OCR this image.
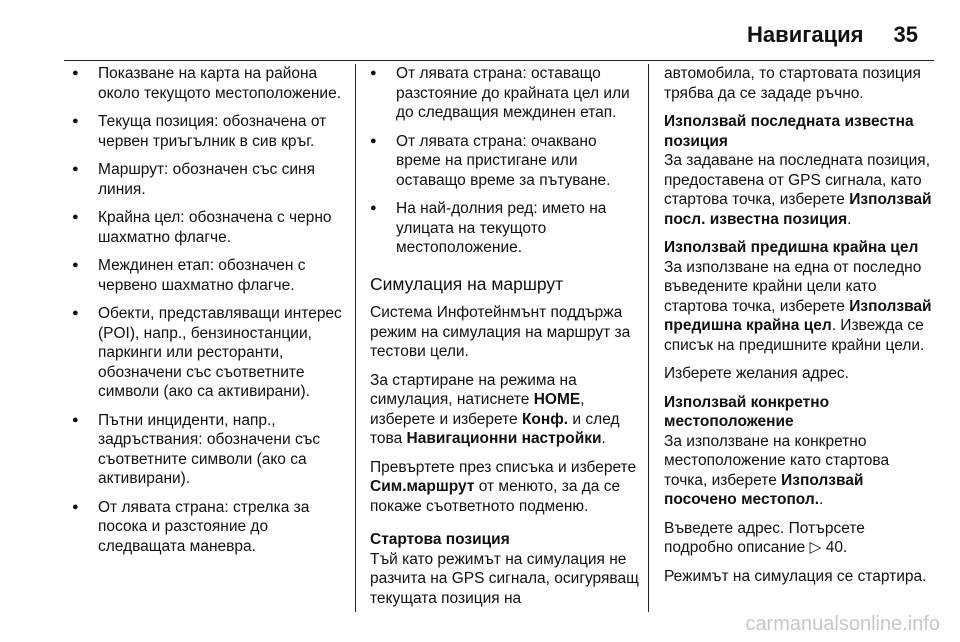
Навигация 35
● Показване на карта на района около текущото местоположение.
● Текуща позиция: обозначена от червен триъгълник в сив кръг.
● Маршрут: обозначен със синя линия.
● Крайна цел: обозначена с черно шахматно флагче.
● Междинен етап: обозначен с червено шахматно флагче.
● Обекти, представляващи интерес (POI), напр., бензиностанции, паркинги или ресторанти, обозначени със съответните символи (ако са активирани).
● Пътни инциденти, напр., задръствания: обозначени със съответните символи (ако са активирани).
● От лявата страна: стрелка за посока и разстояние до следващата маневра.
● От лявата страна: оставащо разстояние до крайната цел или до следващия междинен етап.
● От лявата страна: очаквано време на пристигане или оставащо време за пътуване.
● На най-долния ред: името на улицата на текущото местоположение.
Симулация на маршрут

Система Инфотейнмънт поддържа режим на симулация на маршрут за тестови цели.

За стартиране на режима на симулация, натиснете HOME, изберете и изберете Конф. и след това Навигационни настройки.

Превъртете през списъка и изберете Сим.маршрут от менюто, за да се покаже съответното подменю.

Стартова позиция

Тъй като режимът на симулация не разчита на GPS сигнала, осигуряващ текущата позиция на

автомобила, то стартовата позиция трябва да се зададе ръчно.

Използвай последната известна позиция

За задаване на последната позиция, предоставена от GPS сигнала, като стартова точка, изберете Използвай посл. известна позиция.

Използвай предишна крайна цел

За използване на една от последно въведените крайни цели като стартова точка, изберете Използвай предишна крайна цел. Извежда се списък на предишните крайни цели.

Изберете желания адрес.

Използвай конкретно местоположение

За използване на конкретно местоположение като стартова точка, изберете Използвай посочено местопол..

Въведете адрес. Потърсете подробно описание ▷ 40.

Режимът на симулация се стартира.

carmanualsonline.info
